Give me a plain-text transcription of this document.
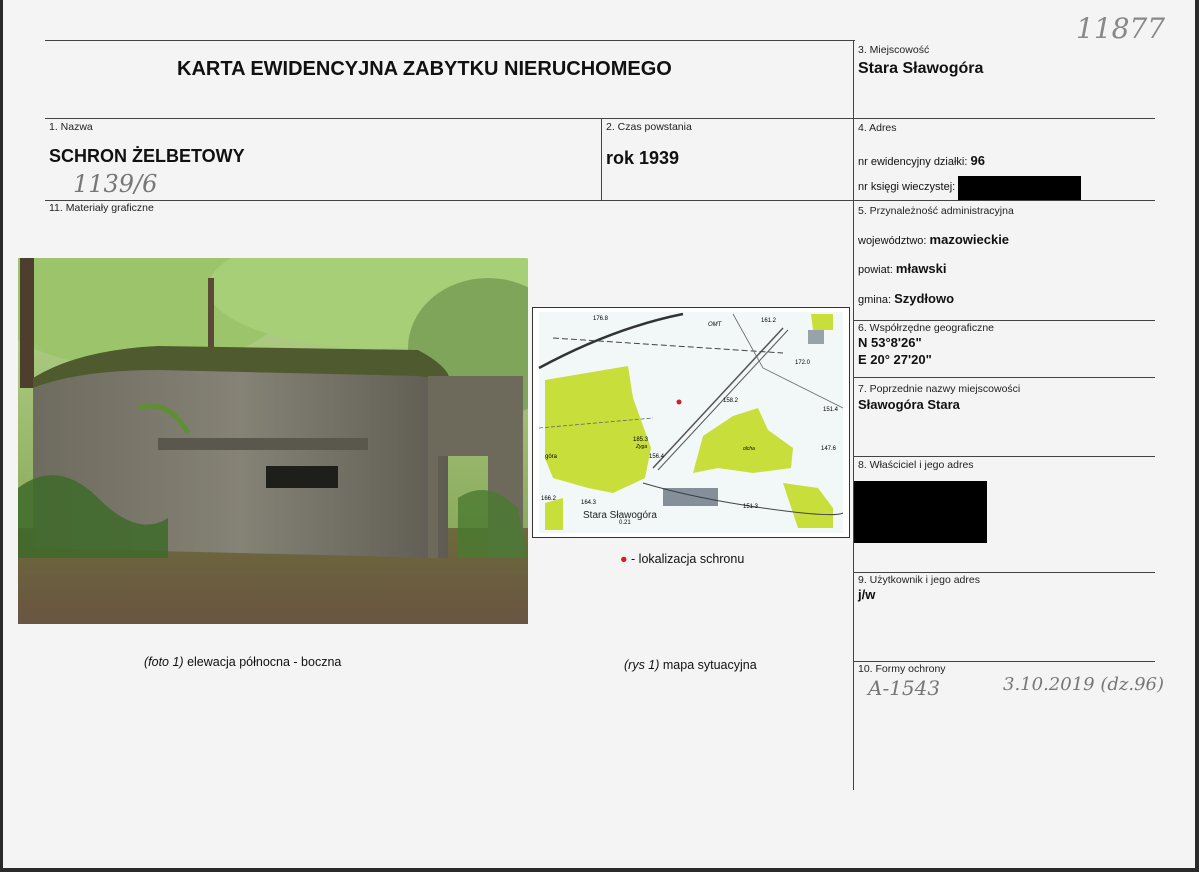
11877
KARTA EWIDENCYJNA ZABYTKU NIERUCHOMEGO
3. Miejscowość
Stara Sławogóra
1. Nazwa
SCHRON ŻELBETOWY
1139/6
2. Czas powstania
rok 1939
4. Adres
nr ewidencyjny działki: 96
nr księgi wieczystej:
11. Materiały graficzne	5. Przynależność administracyjna
województwo: mazowieckie
powiat: mławski
gmina: Szydłowo
6. Współrzędne geograficzne
N 53°8'26"
E 20° 27'20"
7. Poprzednie nazwy miejscowości
Sławogóra Stara
8. Właściciel i jego adres
9. Użytkownik i jego adres
j/w
10. Formy ochrony
A-1543	3.10.2019 (dz.96)
176.8	161.2
OMT
172.0
158.2
151.4
147.6
185.3
Zyga
156.4
olcha
góra
166.2
164.3
151.3
Stara Sławogóra
0.21
● - lokalizacja schronu
(foto 1) elewacja północna - boczna	(rys 1) mapa sytuacyjna
